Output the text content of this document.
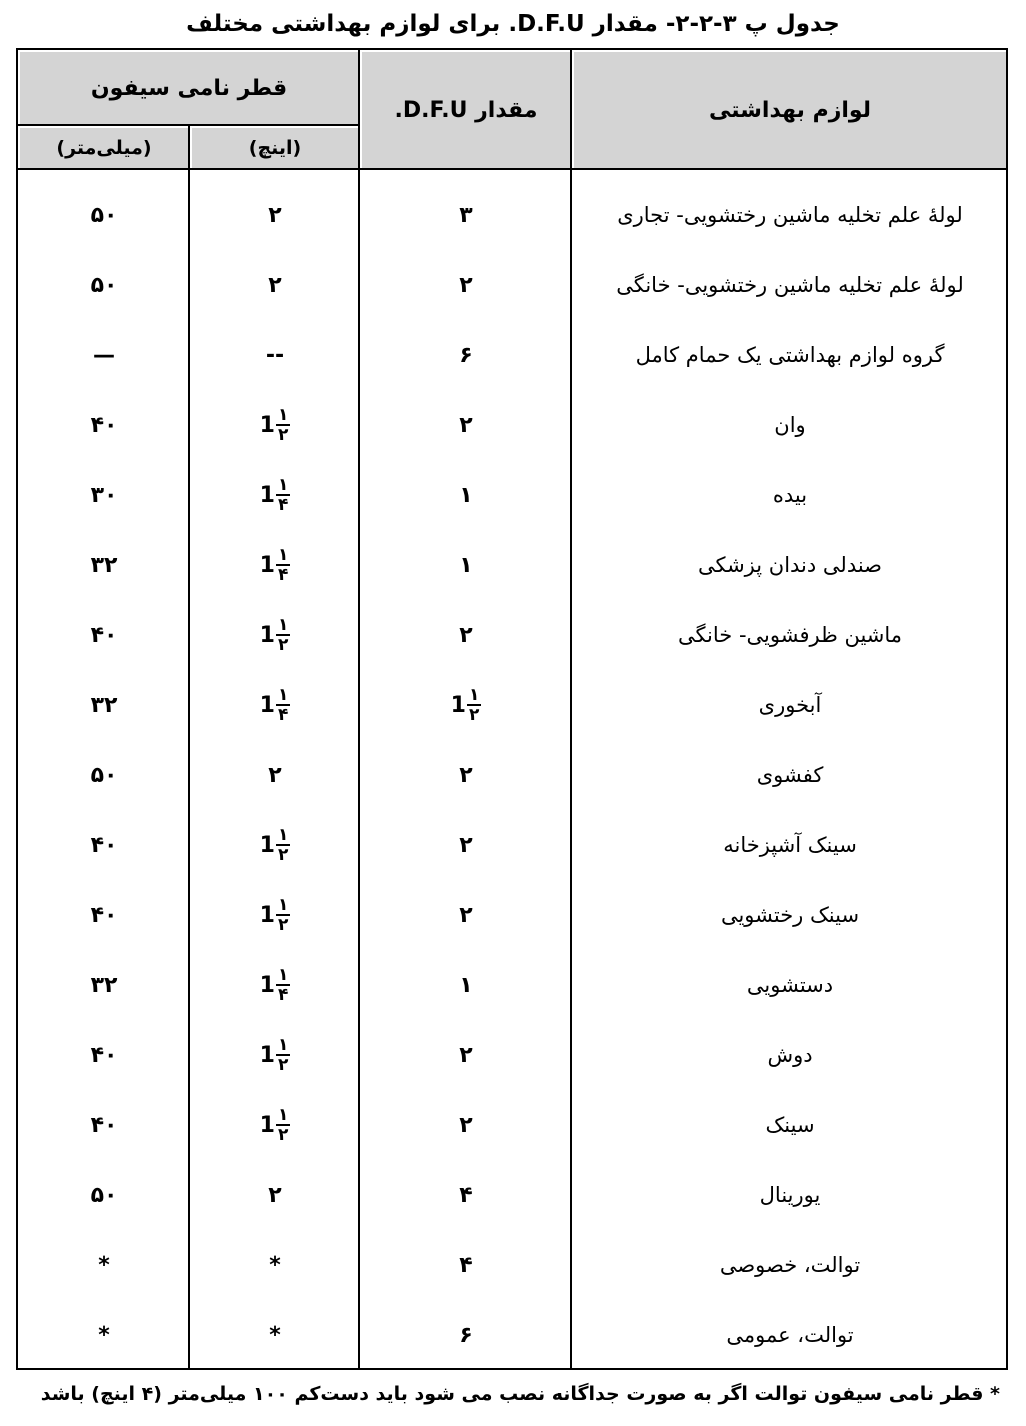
جدول پ ۳-۲-۲- مقدار D.F.U. برای لوازم بهداشتی مختلف
لوازم بهداشتی
مقدار D.F.U.
قطر نامی سیفون
(اینچ)
(میلی‌متر)
لولهٔ علم تخلیه ماشین رختشویی- تجاری
۳
۲
۵۰
لولهٔ علم تخلیه ماشین رختشویی- خانگی
۲
۲
۵۰
گروه لوازم بهداشتی یک حمام کامل
۶
--
—
وان
۲
$1 \frac{۱}{۲}$
۴۰
بیده
۱
$1 \frac{۱}{۴}$
۳۰
صندلی دندان پزشکی
۱
$1 \frac{۱}{۴}$
۳۲
ماشین ظرفشویی- خانگی
۲
$1 \frac{۱}{۲}$
۴۰
آبخوری
$1 \frac{۱}{۲}$
$1 \frac{۱}{۴}$
۳۲
کفشوی
۲
۲
۵۰
سینک آشپزخانه
۲
$1 \frac{۱}{۲}$
۴۰
سینک رختشویی
۲
$1 \frac{۱}{۲}$
۴۰
دستشویی
۱
$1 \frac{۱}{۴}$
۳۲
دوش
۲
$1 \frac{۱}{۲}$
۴۰
سینک
۲
$1 \frac{۱}{۲}$
۴۰
یورینال
۴
۲
۵۰
توالت، خصوصی
۴
*
*
توالت، عمومی
۶
*
*
* قطر نامی سیفون توالت اگر به صورت جداگانه نصب می شود باید دست‌کم ۱۰۰ میلی‌متر (۴ اینچ) باشد
